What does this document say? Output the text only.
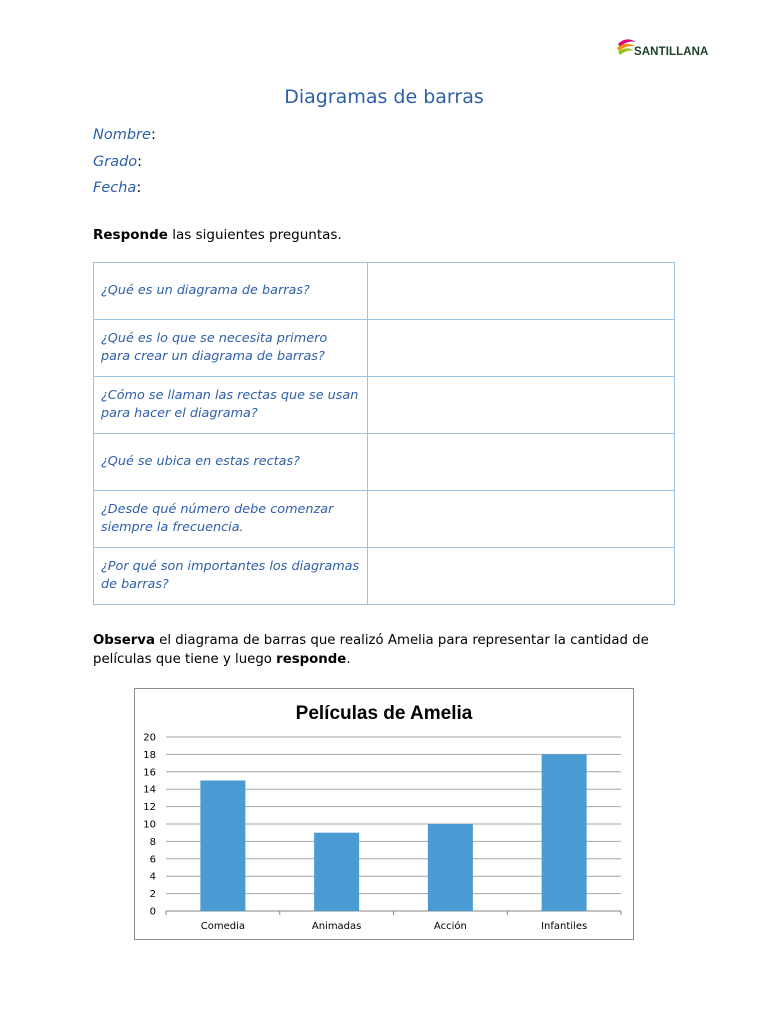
SANTILLANA
Diagramas de barras
Nombre:
Grado:
Fecha:
Responde las siguientes preguntas.
¿Qué es un diagrama de barras?	
¿Qué es lo que se necesita primero para crear un diagrama de barras?	
¿Cómo se llaman las rectas que se usan para hacer el diagrama?	
¿Qué se ubica en estas rectas?	
¿Desde qué número debe comenzar siempre la frecuencia.	
¿Por qué son importantes los diagramas de barras?	
Observa el diagrama de barras que realizó Amelia para representar la cantidad de películas que tiene y luego responde.
Películas de Amelia
0
2
4
6
8
10
12
14
16
18
20
Comedia	Animadas	Acción	Infantiles
